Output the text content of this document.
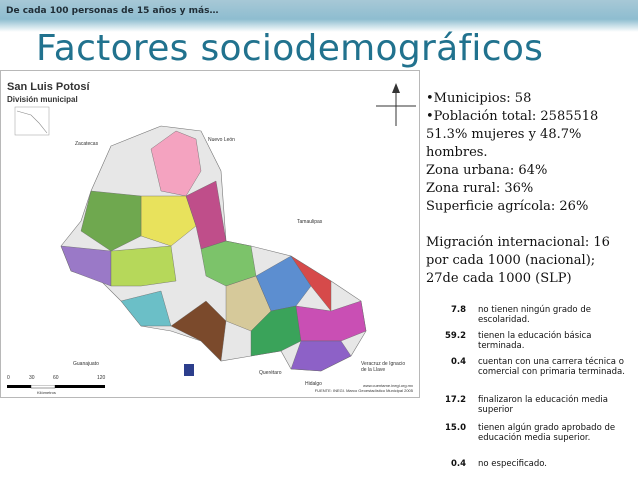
De cada 100 personas de 15 años y más…
Factores sociodemográficos
San Luis Potosí
División municipal
Zacatecas
Nuevo León
Tamaulipas
Guanajuato
Querétaro
Hidalgo
Veracruz de Ignacio de la Llave
0	30	60	120
Kilómetros
www.cuentame.inegi.org.mx
FUENTE: INEGI. Marco Geoestadístico Municipal 2005
•Municipios: 58
•Población total: 2585518
51.3% mujeres y 48.7%
hombres.
Zona urbana: 64%
Zona rural: 36%
Superficie agrícola: 26%
Migración internacional: 16
por cada 1000 (nacional);
27de cada 1000 (SLP)
7.8 no tienen ningún grado de escolaridad.
59.2 tienen la educación básica terminada.
0.4 cuentan con una carrera técnica o comercial con primaria terminada.
17.2 finalizaron la educación media superior
15.0 tienen algún grado aprobado de educación media superior.
0.4 no especificado.
